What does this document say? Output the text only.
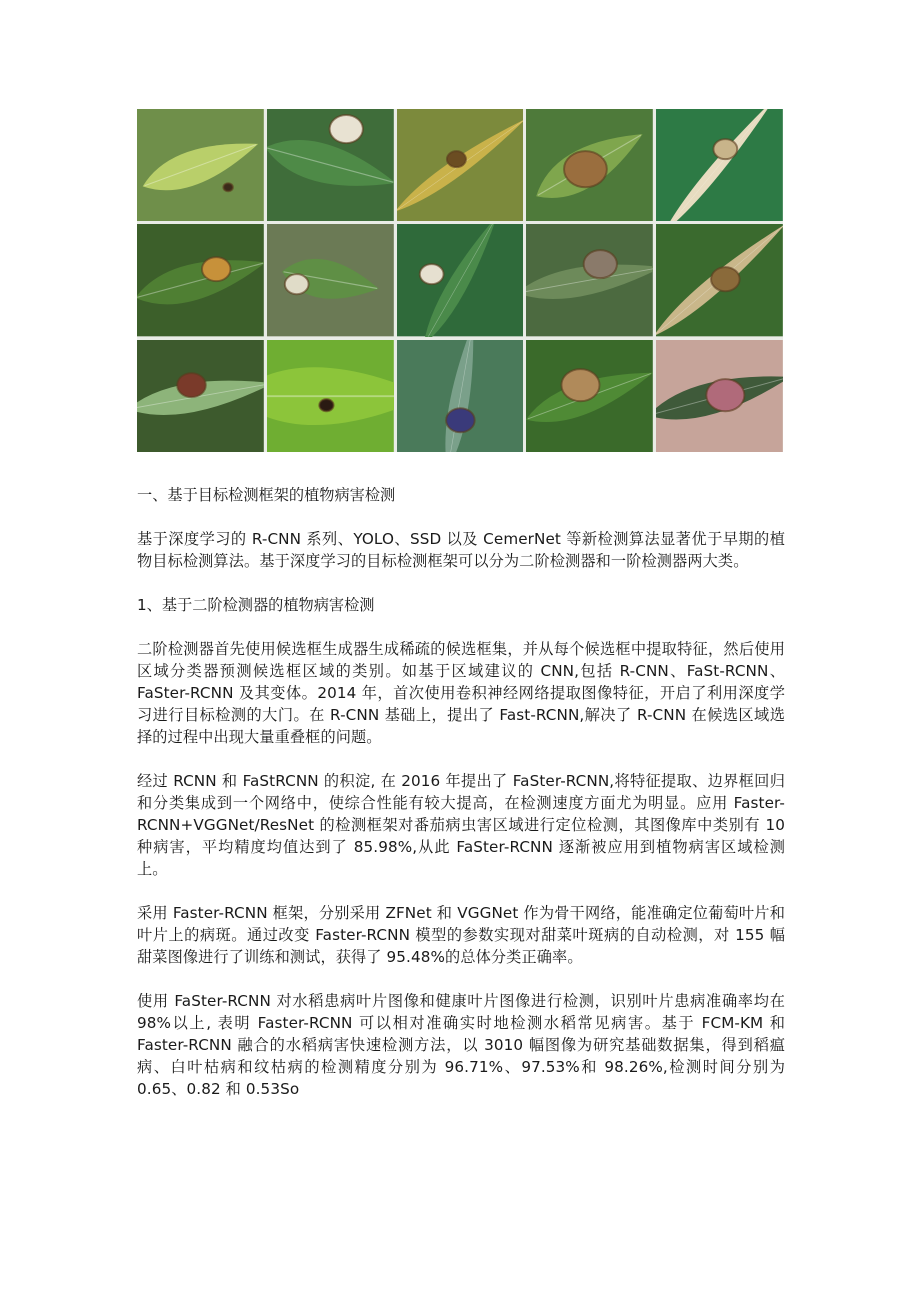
一、基于目标检测框架的植物病害检测
基于深度学习的 R-CNN 系列、YOLO、SSD 以及 CemerNet 等新检测算法显著优于早期的植物目标检测算法。基于深度学习的目标检测框架可以分为二阶检测器和一阶检测器两大类。
1、基于二阶检测器的植物病害检测
二阶检测器首先使用候选框生成器生成稀疏的候选框集，并从每个候选框中提取特征，然后使用区域分类器预测候选框区域的类别。如基于区域建议的 CNN,包括 R-CNN、FaSt-RCNN、FaSter-RCNN 及其变体。2014 年，首次使用卷积神经网络提取图像特征，开启了利用深度学习进行目标检测的大门。在 R-CNN 基础上，提出了 Fast-RCNN,解决了 R-CNN 在候选区域选择的过程中出现大量重叠框的问题。
经过 RCNN 和 FaStRCNN 的积淀, 在 2016 年提出了 FaSter-RCNN,将特征提取、边界框回归和分类集成到一个网络中，使综合性能有较大提高，在检测速度方面尤为明显。应用 Faster-RCNN+VGGNet/ResNet 的检测框架对番茄病虫害区域进行定位检测，其图像库中类别有 10 种病害，平均精度均值达到了 85.98%,从此 FaSter-RCNN 逐渐被应用到植物病害区域检测上。
采用 Faster-RCNN 框架，分别采用 ZFNet 和 VGGNet 作为骨干网络，能准确定位葡萄叶片和叶片上的病斑。通过改变 Faster-RCNN 模型的参数实现对甜菜叶斑病的自动检测，对 155 幅甜菜图像进行了训练和测试，获得了 95.48%的总体分类正确率。
使用 FaSter-RCNN 对水稻患病叶片图像和健康叶片图像进行检测，识别叶片患病准确率均在 98%以上, 表明 Faster-RCNN 可以相对准确实时地检测水稻常见病害。基于 FCM-KM 和 Faster-RCNN 融合的水稻病害快速检测方法，以 3010 幅图像为研究基础数据集，得到稻瘟病、白叶枯病和纹枯病的检测精度分别为 96.71%、97.53%和 98.26%,检测时间分别为 0.65、0.82 和 0.53So
